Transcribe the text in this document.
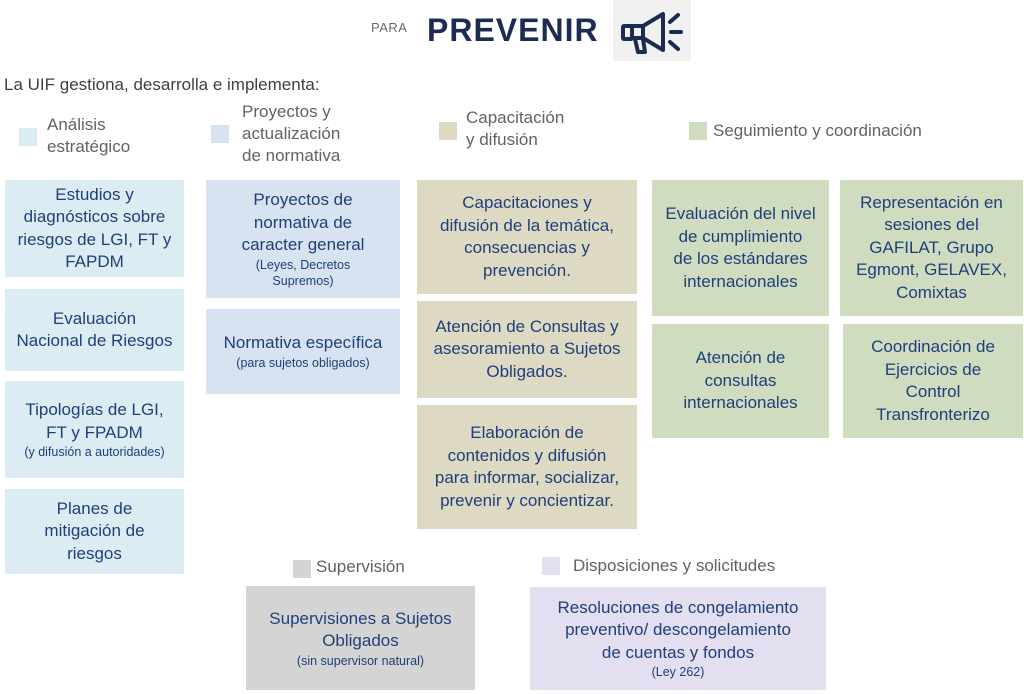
PARA PREVENIR
La UIF gestiona, desarrolla e implementa:
Análisis
estratégico
Proyectos y
actualización
de normativa
Capacitación
y difusión	Seguimiento y coordinación
Supervisión	Disposiciones y solicitudes
Estudios y
diagnósticos sobre
riesgos de LGI, FT y
FAPDM
Evaluación
Nacional de Riesgos
Tipologías de LGI,
FT y FPADM
(y difusión a autoridades)
Planes de
mitigación de
riesgos
Proyectos de
normativa de
caracter general
(Leyes, Decretos
Supremos)
Normativa específica
(para sujetos obligados)
Capacitaciones y
difusión de la temática,
consecuencias y
prevención.
Atención de Consultas y
asesoramiento a Sujetos
Obligados.
Elaboración de
contenidos y difusión
para informar, socializar,
prevenir y concientizar.
Evaluación del nivel
de cumplimiento
de los estándares
internacionales
Representación en
sesiones del
GAFILAT, Grupo
Egmont, GELAVEX,
Comixtas
Atención de
consultas
internacionales
Coordinación de
Ejercicios de
Control
Transfronterizo
Supervisiones a Sujetos
Obligados
(sin supervisor natural)
Resoluciones de congelamiento
preventivo/ descongelamiento
de cuentas y fondos
(Ley 262)
